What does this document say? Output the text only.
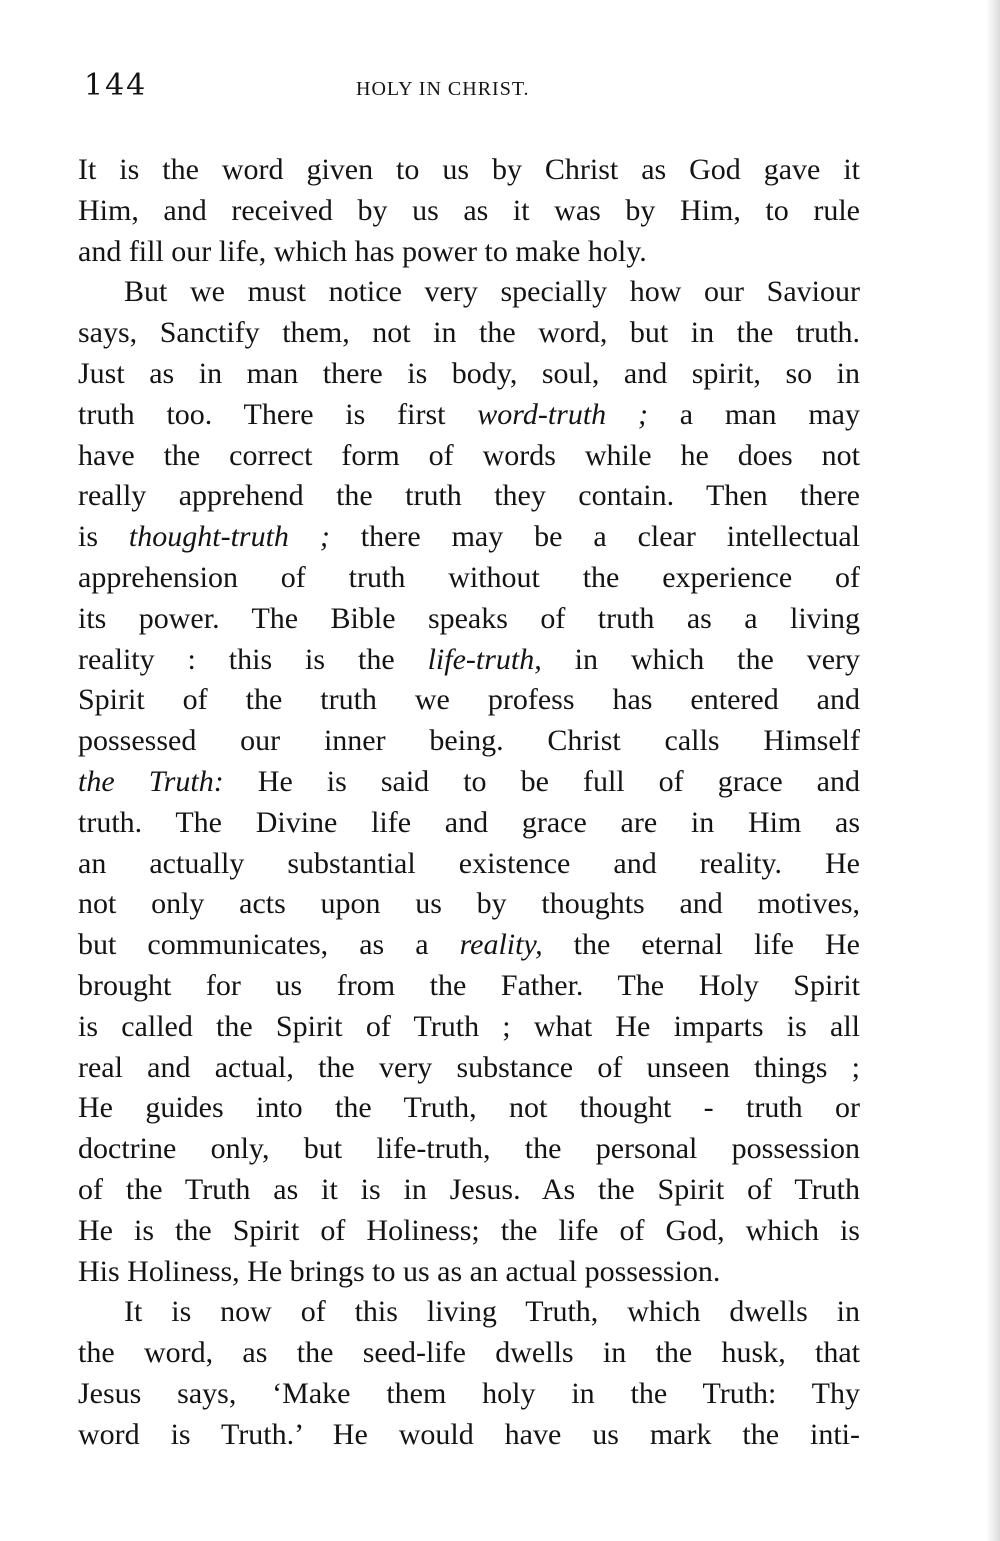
144	HOLY IN CHRIST.
It is the word given to us by Christ as God gave it
Him, and received by us as it was by Him, to rule
and fill our life, which has power to make holy.
But we must notice very specially how our Saviour
says, Sanctify them, not in the word, but in the truth.
Just as in man there is body, soul, and spirit, so in
truth too. There is first word-truth ; a man may
have the correct form of words while he does not
really apprehend the truth they contain. Then there
is thought-truth ; there may be a clear intellectual
apprehension of truth without the experience of
its power. The Bible speaks of truth as a living
reality : this is the life-truth, in which the very
Spirit of the truth we profess has entered and
possessed our inner being. Christ calls Himself
the Truth: He is said to be full of grace and
truth. The Divine life and grace are in Him as
an actually substantial existence and reality. He
not only acts upon us by thoughts and motives,
but communicates, as a reality, the eternal life He
brought for us from the Father. The Holy Spirit
is called the Spirit of Truth ; what He imparts is all
real and actual, the very substance of unseen things ;
He guides into the Truth, not thought - truth or
doctrine only, but life-truth, the personal possession
of the Truth as it is in Jesus. As the Spirit of Truth
He is the Spirit of Holiness; the life of God, which is
His Holiness, He brings to us as an actual possession.
It is now of this living Truth, which dwells in
the word, as the seed-life dwells in the husk, that
Jesus says, ‘Make them holy in the Truth: Thy
word is Truth.’ He would have us mark the inti-
